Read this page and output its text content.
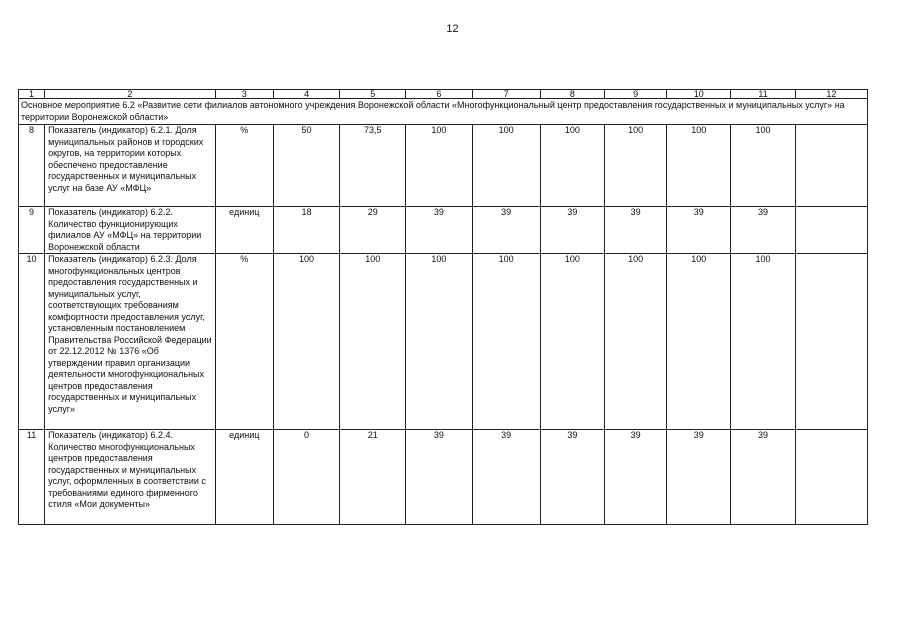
12
1	2	3	4	5	6	7	8	9	10	11	12
Основное мероприятие 6.2 «Развитие сети филиалов автономного учреждения Воронежской области «Многофункциональный центр предоставления государственных и муниципальных услуг» на территории Воронежской области»											
8	Показатель (индикатор) 6.2.1. Доля муниципальных районов и городских округов, на территории которых обеспечено предоставление государственных и муниципальных услуг на базе АУ «МФЦ»	%	50	73,5	100	100	100	100	100	100	
9	Показатель (индикатор) 6.2.2. Количество функционирующих филиалов АУ «МФЦ» на территории Воронежской области	единиц	18	29	39	39	39	39	39	39	
10	Показатель (индикатор) 6.2.3. Доля многофункциональных центров предоставления государственных и муниципальных услуг, соответствующих требованиям комфортности предоставления услуг, установленным постановлением Правительства Российской Федерации от 22.12.2012 № 1376 «Об утверждении правил организации деятельности многофункциональных центров предоставления государственных и муниципальных услуг»	%	100	100	100	100	100	100	100	100	
11	Показатель (индикатор) 6.2.4. Количество многофункциональных центров предоставления государственных и муниципальных услуг, оформленных в соответствии с требованиями единого фирменного стиля «Мои документы»	единиц	0	21	39	39	39	39	39	39	
